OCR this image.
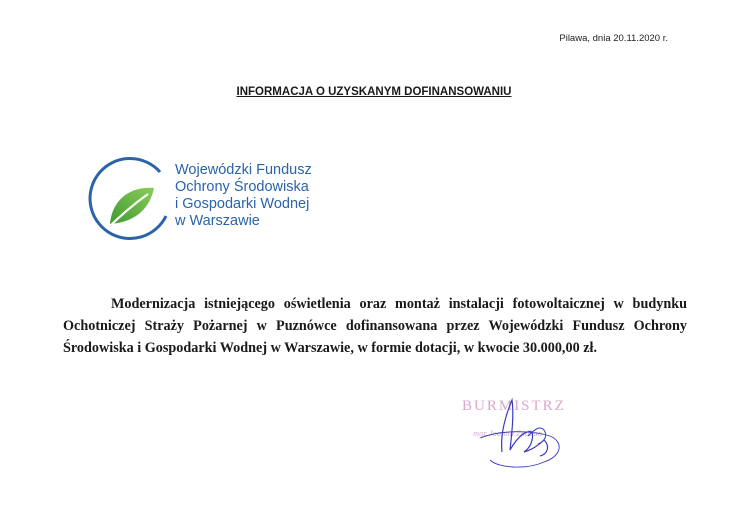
Pilawa, dnia 20.11.2020 r.
INFORMACJA O UZYSKANYM DOFINANSOWANIU
Wojewódzki Fundusz
Ochrony Środowiska
i Gospodarki Wodnej
w Warszawie
Modernizacja istniejącego oświetlenia oraz montaż instalacji fotowoltaicznej w budynku Ochotniczej Straży Pożarnej w Puznówce dofinansowana przez Wojewódzki Fundusz Ochrony Środowiska i Gospodarki Wodnej w Warszawie, w formie dotacji, w kwocie 30.000,00 zł.
BURMISTRZ
mgr Joanna Zadban
